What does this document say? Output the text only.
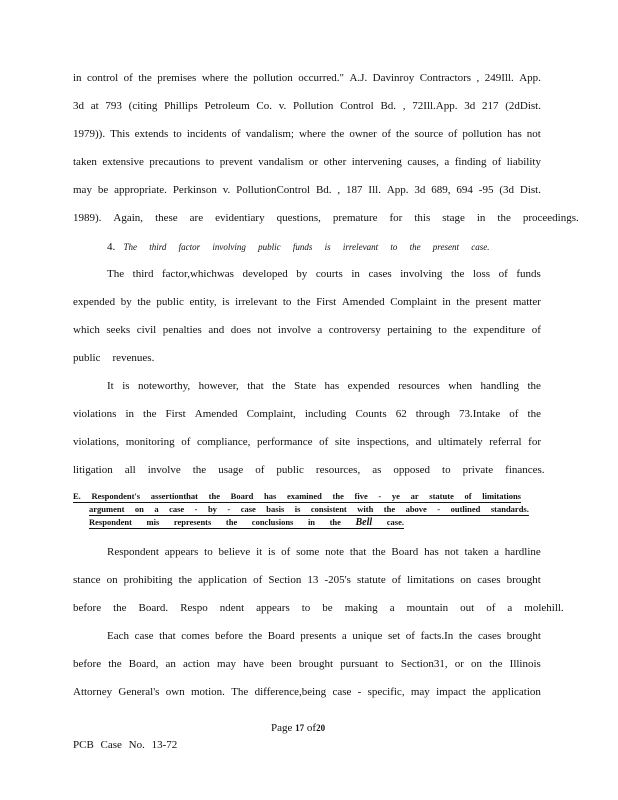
in control of the premises where the pollution occurred." A.J. Davinroy Contractors , 249Ill. App.
3d at 793 (citing Phillips Petroleum Co. v. Pollution Control Bd. , 72Ill.App. 3d 217 (2dDist.
1979)). This extends to incidents of vandalism; where the owner of the source of pollution has not
taken extensive precautions to prevent vandalism or other intervening causes, a finding of liability
may be appropriate. Perkinson v. PollutionControl Bd. , 187 Ill. App. 3d 689, 694 -95 (3d Dist.
1989). Again, these are evidentiary questions, premature for this stage in the proceedings.
The third factor,whichwas developed by courts in cases involving the loss of funds
expended by the public entity, is irrelevant to the First Amended Complaint in the present matter
which seeks civil penalties and does not involve a controversy pertaining to the expenditure of
public revenues.
It is noteworthy, however, that the State has expended resources when handling the
violations in the First Amended Complaint, including Counts 62 through 73.Intake of the
violations, monitoring of compliance, performance of site inspections, and ultimately referral for
litigation all involve the usage of public resources, as opposed to private finances.
Respondent appears to believe it is of some note that the Board has not taken a hardline
stance on prohibiting the application of Section 13 -205's statute of limitations on cases brought
before the Board. Respo ndent appears to be making a mountain out of a molehill.
Each case that comes before the Board presents a unique set of facts.In the cases brought
before the Board, an action may have been brought pursuant to Section31, or on the Illinois
Attorney General's own motion. The difference,being case - specific, may impact the application
E. Respondent's assertionthat the Board has examined the five - ye ar statute of limitations
argument on a case - by - case basis is consistent with the above - outlined standards.
Respondent mis represents the conclusions in the Bell case.
4. The third factor involving public funds is irrelevant to the present case.
Page 17 of20
PCB Case No. 13-72
